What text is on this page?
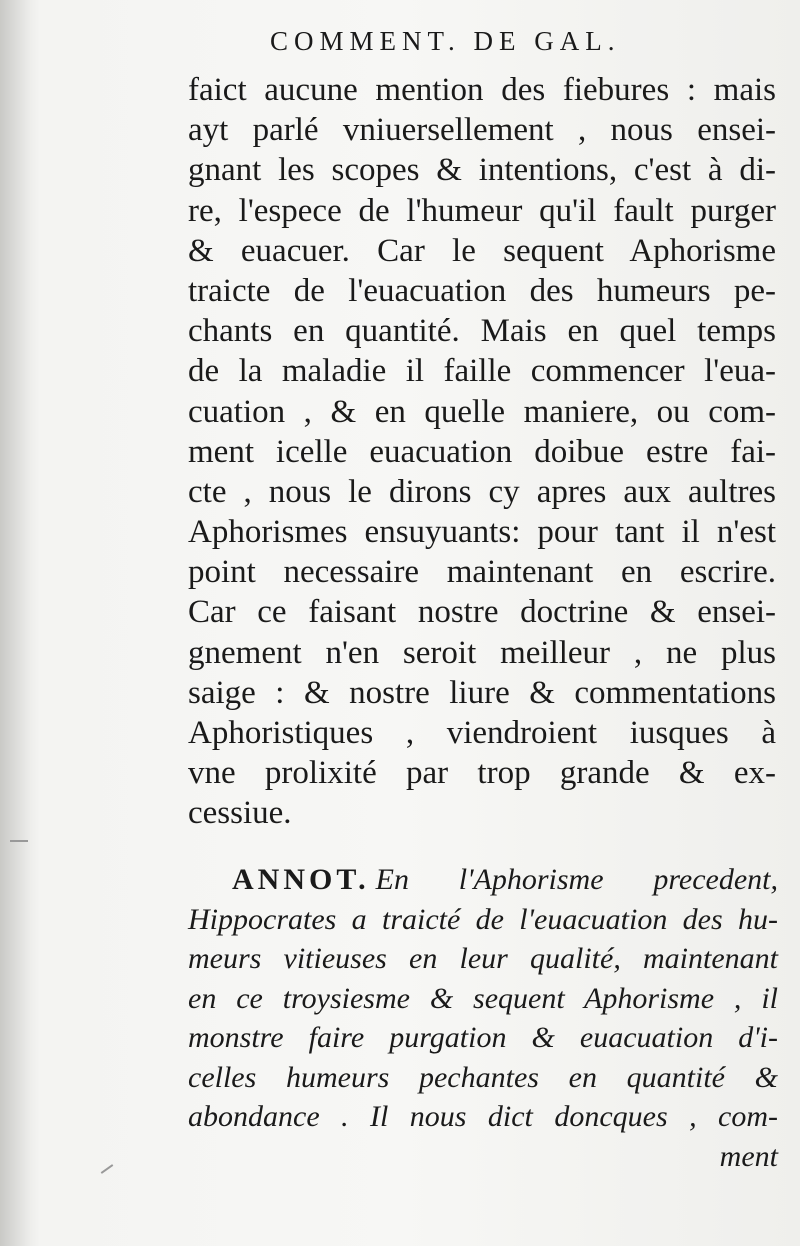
COMMENT. DE GAL.
faict aucune mention des fiebures : mais
ayt parlé vniuersellement , nous ensei-
gnant les scopes & intentions, c'est à di-
re, l'espece de l'humeur qu'il fault purger
& euacuer. Car le sequent Aphorisme
traicte de l'euacuation des humeurs pe-
chants en quantité. Mais en quel temps
de la maladie il faille commencer l'eua-
cuation , & en quelle maniere, ou com-
ment icelle euacuation doibue estre fai-
cte , nous le dirons cy apres aux aultres
Aphorismes ensuyuants: pour tant il n'est
point necessaire maintenant en escrire.
Car ce faisant nostre doctrine & ensei-
gnement n'en seroit meilleur , ne plus
saige : & nostre liure & commentations
Aphoristiques , viendroient iusques à
vne prolixité par trop grande & ex-
cessiue.
ANNOT. En l'Aphorisme precedent,
Hippocrates a traicté de l'euacuation des hu-
meurs vitieuses en leur qualité, maintenant
en ce troysiesme & sequent Aphorisme , il
monstre faire purgation & euacuation d'i-
celles humeurs pechantes en quantité &
abondance . Il nous dict doncques , com-
ment
